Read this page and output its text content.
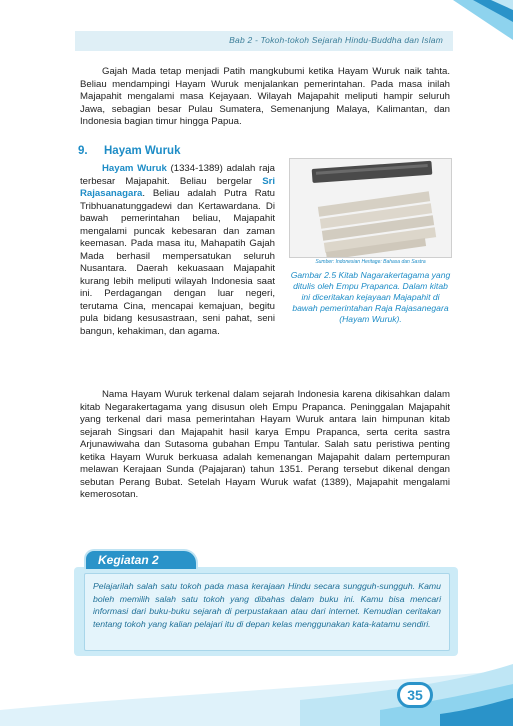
Bab 2 - Tokoh-tokoh Sejarah Hindu-Buddha dan Islam

Gajah Mada tetap menjadi Patih mangkubumi ketika Hayam Wuruk naik tahta. Beliau mendampingi Hayam Wuruk menjalankan pemerintahan. Pada masa inilah Majapahit mengalami masa Kejayaan. Wilayah Majapahit meliputi hampir seluruh Jawa, sebagian besar Pulau Sumatera, Semenanjung Malaya, Kalimantan, dan Indonesia bagian timur hingga Papua.

9. Hayam Wuruk

Hayam Wuruk (1334-1389) adalah raja terbesar Majapahit. Beliau bergelar Sri Rajasanagara. Beliau adalah Putra Ratu Tribhuanatunggadewi dan Kertawardana. Di bawah pemerintahan beliau, Majapahit mengalami puncak kebesaran dan zaman keemasan. Pada masa itu, Mahapatih Gajah Mada berhasil mempersatukan seluruh Nusantara. Daerah kekuasaan Majapahit kurang lebih meliputi wilayah Indonesia saat ini. Perdagangan dengan luar negeri, terutama Cina, mencapai kemajuan, begitu pula bidang kesusastraan, seni pahat, seni bangun, kehakiman, dan agama.

Sumber: Indonesian Heritage: Bahasa dan Sastra
Gambar 2.5 Kitab Nagarakertagama yang ditulis oleh Empu Prapanca. Dalam kitab ini diceritakan kejayaan Majapahit di bawah pemerintahan Raja Rajasanegara (Hayam Wuruk).

Nama Hayam Wuruk terkenal dalam sejarah Indonesia karena dikisahkan dalam kitab Negarakertagama yang disusun oleh Empu Prapanca. Peninggalan Majapahit yang terkenal dari masa pemerintahan Hayam Wuruk antara lain himpunan kitab sejarah Singsari dan Majapahit hasil karya Empu Prapanca, serta cerita sastra Arjunawiwaha dan Sutasoma gubahan Empu Tantular. Salah satu peristiwa penting ketika Hayam Wuruk berkuasa adalah kemenangan Majapahit dalam pertempuran melawan Kerajaan Sunda (Pajajaran) tahun 1351. Perang tersebut dikenal dengan sebutan Perang Bubat. Setelah Hayam Wuruk wafat (1389), Majapahit mengalami kemerosotan.

Pelajarilah salah satu tokoh pada masa kerajaan Hindu secara sungguh-sungguh. Kamu boleh memilih salah satu tokoh yang dibahas dalam buku ini. Kamu bisa mencari informasi dari buku-buku sejarah di perpustakaan atau dari internet. Kemudian ceritakan tentang tokoh yang kalian pelajari itu di depan kelas menggunakan kata-katamu sendiri.
Kegiatan 2
35
